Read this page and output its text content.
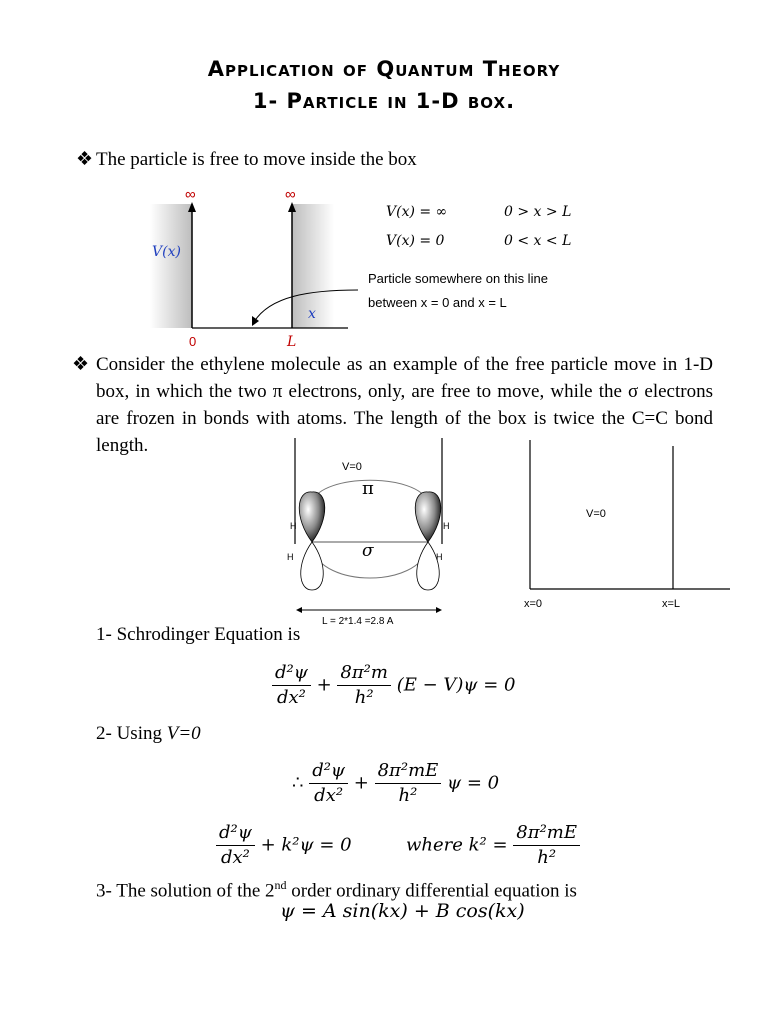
Application of Quantum Theory
1- Particle in 1-D box.
❖ The particle is free to move inside the box
∞	∞
V(x)
x
0	L
V(x) = ∞	0 > x > L
V(x) = 0	0 < x < L
Particle somewhere on this line
between x = 0 and x = L
❖ Consider the ethylene molecule as an example of the free particle move in 1-D box, in which the two π electrons, only, are free to move, while the σ electrons are frozen in bonds with atoms. The length of the box is twice the C=C bond length.
V=0
π
σ
H	H
H	H
L = 2*1.4 =2.8 A
V=0
x=0	x=L
1- Schrodinger Equation is
$\frac{\text{d²ψ}}{\text{dx²}} + \frac{\text{8π²m}}{\text{h²}} (E - V)\psi = 0$
2- Using V=0
∴ $\frac{\text{d²ψ}}{\text{dx²}} + \frac{\text{8π²mE}}{\text{h²}}$ ψ = 0
$\frac{\text{d²ψ}}{\text{dx²}} + k^2\psi = 0$	where $k^2 = \frac{\text{8π²mE}}{\text{h²}}$
3- The solution of the 2nd order ordinary differential equation is
ψ = A sin(kx) + B cos(kx)
